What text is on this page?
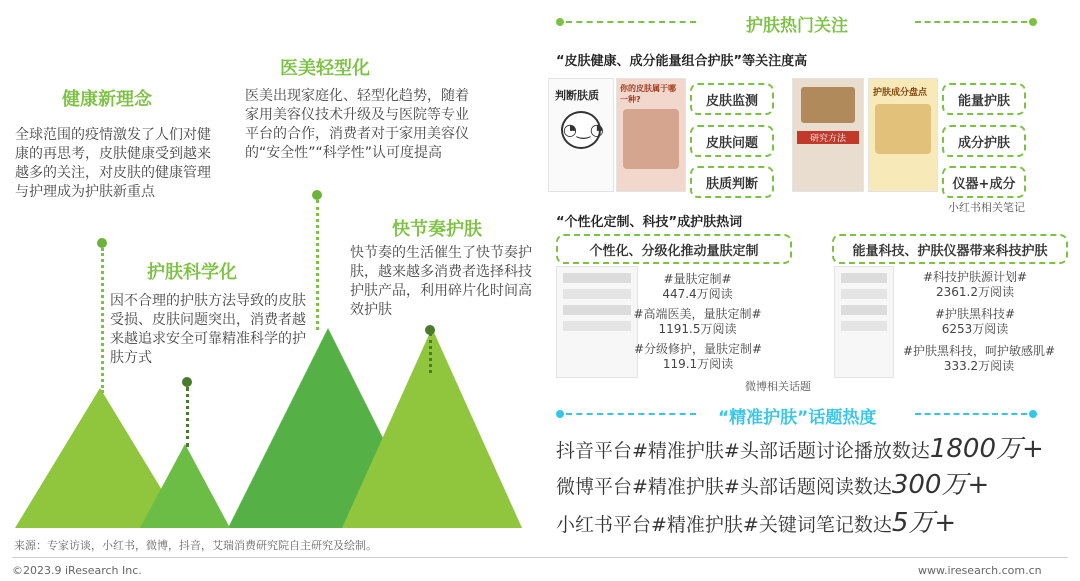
健康新理念
全球范围的疫情激发了人们对健康的再思考，皮肤健康受到越来越多的关注，对皮肤的健康管理与护理成为护肤新重点
医美轻型化
医美出现家庭化、轻型化趋势，随着家用美容仪技术升级及与医院等专业平台的合作，消费者对于家用美容仪的“安全性”“科学性”认可度提高
护肤科学化
因不合理的护肤方法导致的皮肤受损、皮肤问题突出，消费者越来越追求安全可靠精准科学的护肤方式
快节奏护肤
快节奏的生活催生了快节奏护肤，越来越多消费者选择科技护肤产品，利用碎片化时间高效护肤
护肤热门关注
“皮肤健康、成分能量组合护肤”等关注度高
判断肤质
◔‿◔
你的皮肤属于哪一种?	皮肤监测
皮肤问题
肤质判断
研究方法
护肤成分盘点
能量护肤
成分护肤
仪器+成分
小红书相关笔记
“个性化定制、科技”成护肤热词
个性化、分级化推动量肤定制	能量科技、护肤仪器带来科技护肤
#量肤定制#
447.4万阅读
#高端医美，量肤定制#
1191.5万阅读
#分级修护，量肤定制#
119.1万阅读
#科技护肤源计划#
2361.2万阅读
#护肤黑科技#
6253万阅读
#护肤黑科技，呵护敏感肌#
333.2万阅读
微博相关话题
“精准护肤”话题热度
抖音平台#精准护肤#头部话题讨论播放数达1800万+
微博平台#精准护肤#头部话题阅读数达300万+
小红书平台#精准护肤#关键词笔记数达5万+
来源：专家访谈，小红书，微博，抖音，艾瑞消费研究院自主研究及绘制。
©2023.9 iResearch Inc.	www.iresearch.com.cn
